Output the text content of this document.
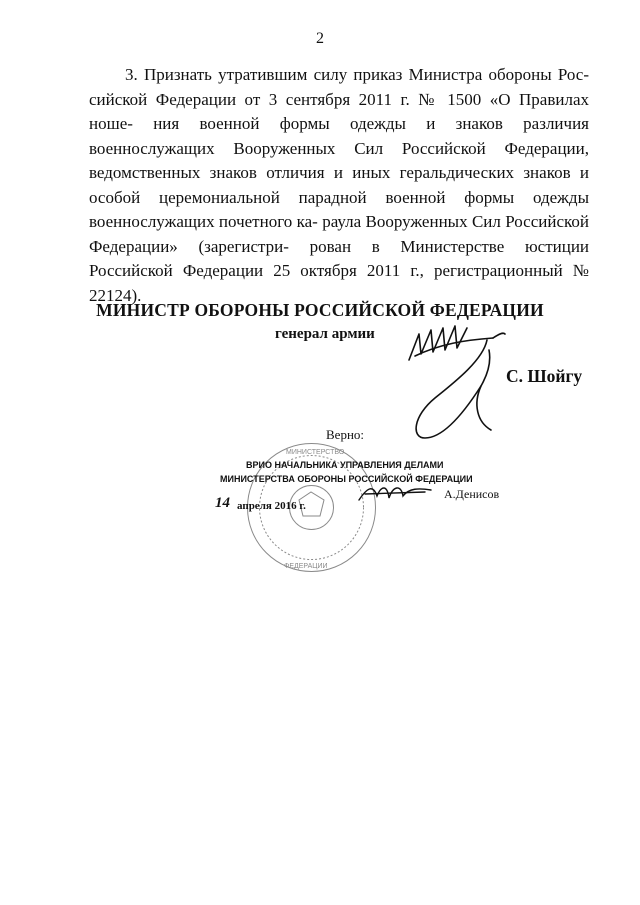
2

3. Признать утратившим силу приказ Министра обороны Рос- сийской Федерации от 3 сентября 2011 г. № 1500 «О Правилах ноше- ния военной формы одежды и знаков различия военнослужащих Вооруженных Сил Российской Федерации, ведомственных знаков отличия и иных геральдических знаков и особой церемониальной парадной военной формы одежды военнослужащих почетного ка- раула Вооруженных Сил Российской Федерации» (зарегистри- рован в Министерстве юстиции Российской Федерации 25 октября 2011 г., регистрационный № 22124).

МИНИСТР ОБОРОНЫ РОССИЙСКОЙ ФЕДЕРАЦИИ
генерал армии
С. Шойгу
Верно:
МИНИСТЕРСТВО
ФЕДЕРАЦИИ
ВРИО НАЧАЛЬНИКА УПРАВЛЕНИЯ ДЕЛАМИ
МИНИСТЕРСТВА ОБОРОНЫ РОССИЙСКОЙ ФЕДЕРАЦИИ
А.Денисов
14 апреля 2016 г.
